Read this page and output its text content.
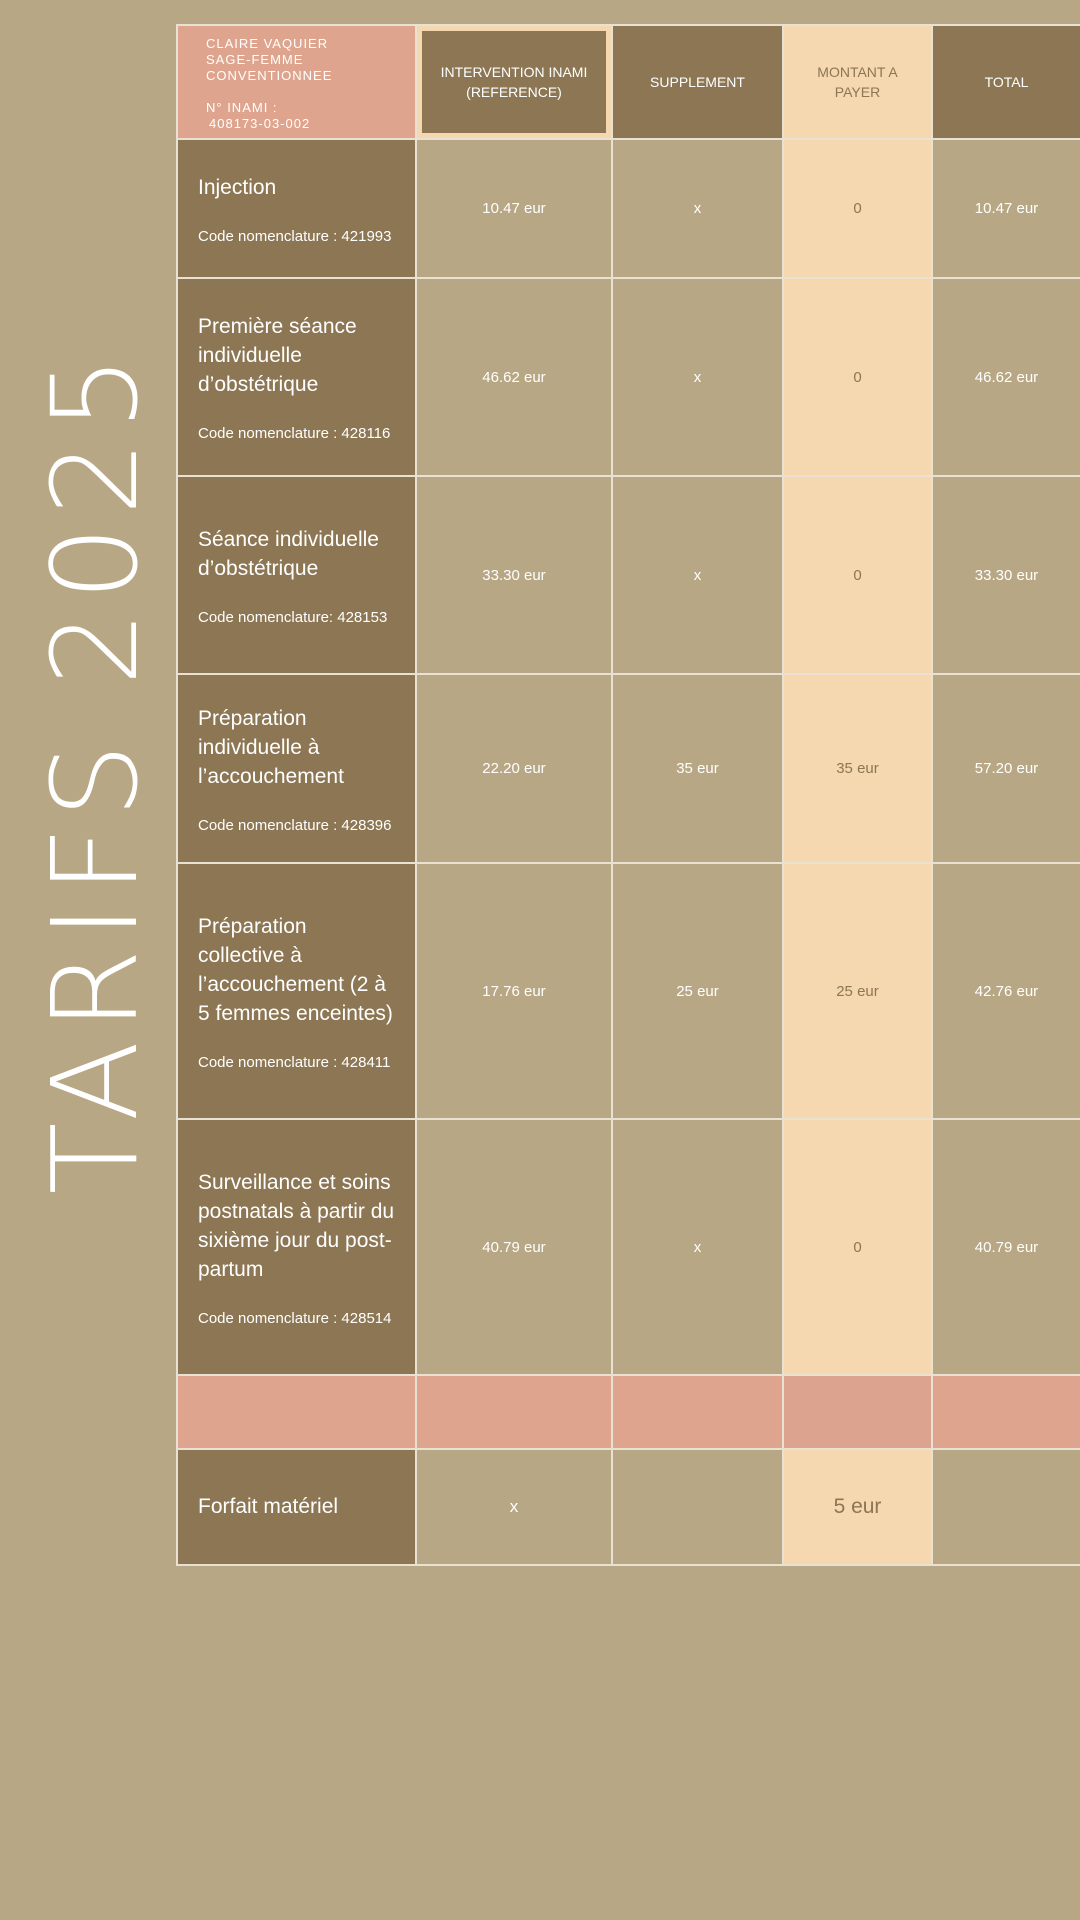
TARIFS 2025
CLAIRE VAQUIER
SAGE-FEMME
CONVENTIONNEE
N° INAMI :
408173-03-002	INTERVENTION INAMI (REFERENCE)	SUPPLEMENT	MONTANT A PAYER	TOTAL

Injection
Code nomenclature : 421993	10.47 eur	x	0	10.47 eur

Première séance individuelle d’obstétrique
Code nomenclature : 428116	46.62 eur	x	0	46.62 eur

Séance individuelle d’obstétrique
Code nomenclature: 428153	33.30 eur	x	0	33.30 eur

Préparation individuelle à l’accouchement
Code nomenclature : 428396	22.20 eur	35 eur	35 eur	57.20 eur

Préparation collective à l’accouchement (2 à 5 femmes enceintes)
Code nomenclature : 428411	17.76 eur	25 eur	25 eur	42.76 eur

Surveillance et soins postnatals à partir du sixième jour du post-partum
Code nomenclature : 428514	40.79 eur	x	0	40.79 eur

Forfait matériel	x		5 eur	
